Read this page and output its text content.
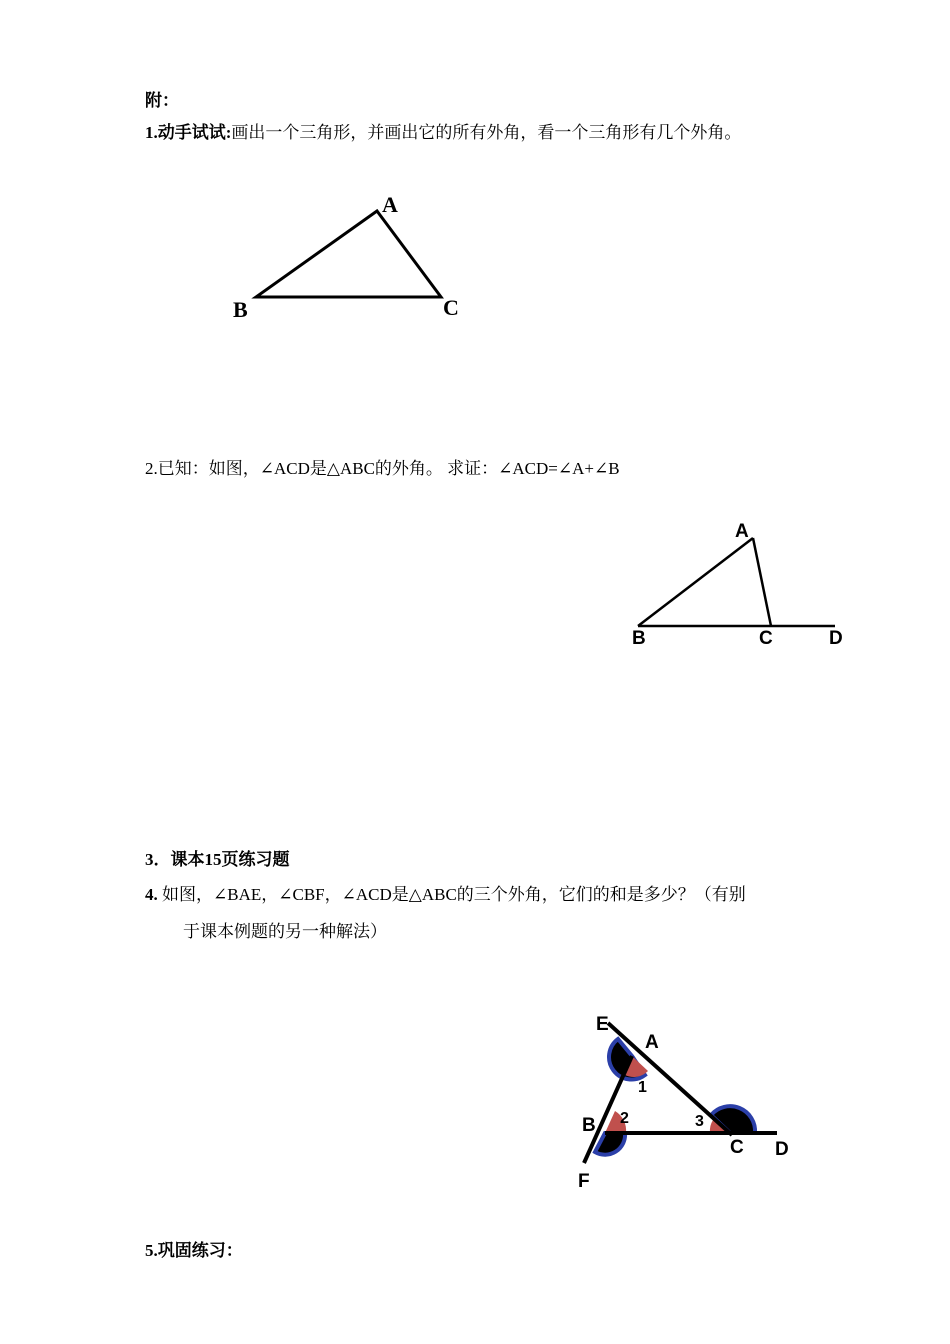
附：
1.动手试试:画出一个三角形，并画出它的所有外角，看一个三角形有几个外角。
A
B	C
2.已知：如图，∠ACD是△ABC的外角。 求证：∠ACD=∠A+∠B
A
B	C	D
3．课本15页练习题
4. 如图，∠BAE，∠CBF，∠ACD是△ABC的三个外角，它们的和是多少？（有别
于课本例题的另一种解法）
E
A
B
C D
F
1
2	3
5.巩固练习：
